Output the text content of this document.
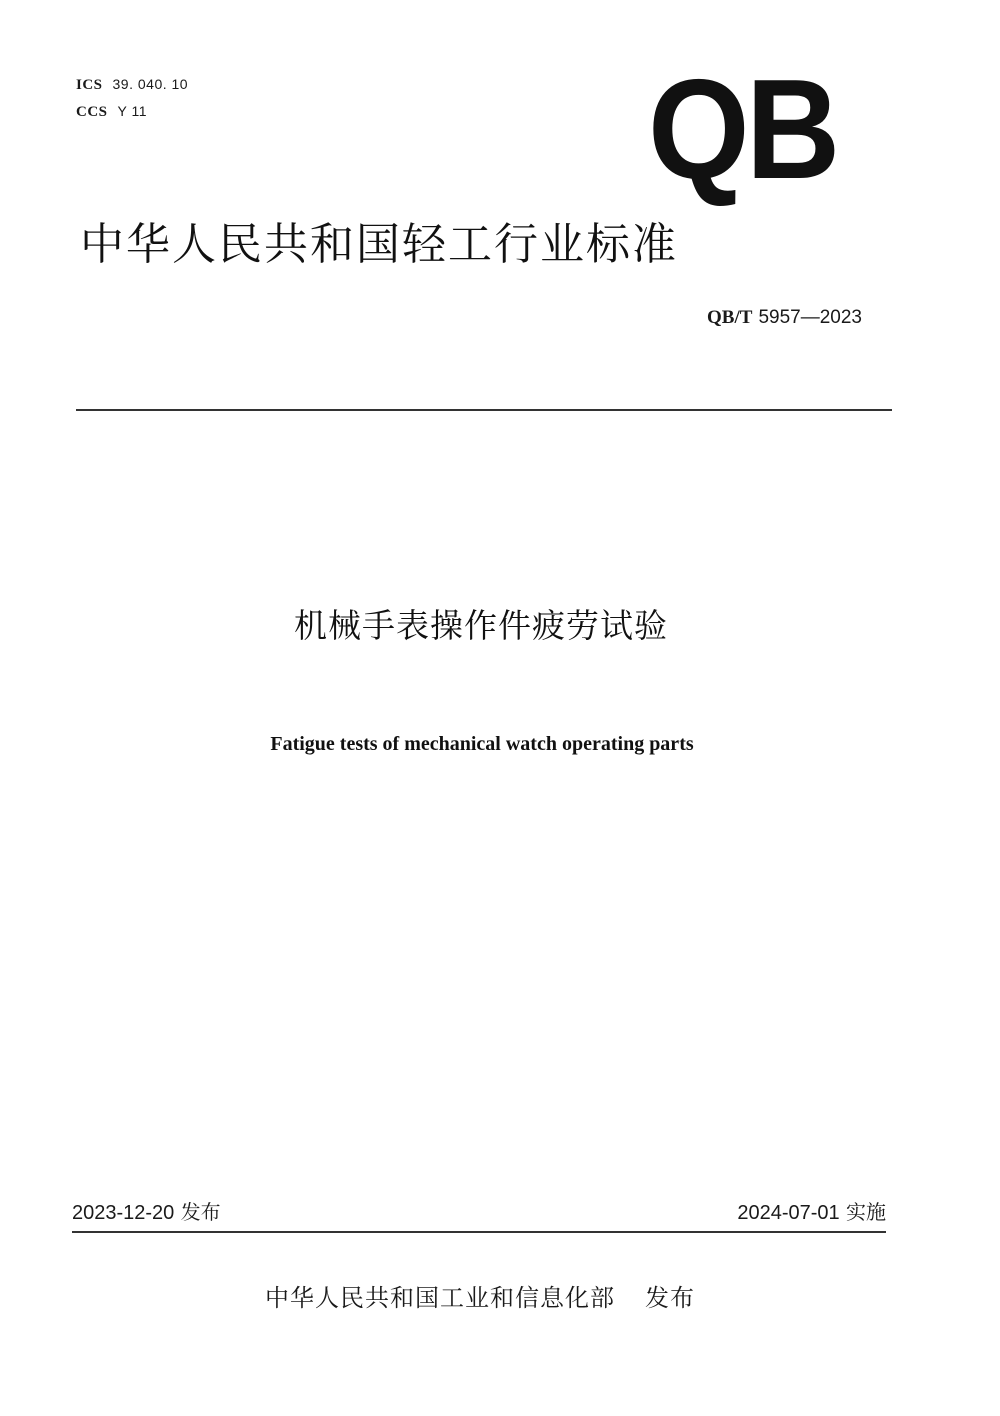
ICS 39. 040. 10
CCS Y 11	QB
中华人民共和国轻工行业标准
QB/T 5957—2023
机械手表操作件疲劳试验
Fatigue tests of mechanical watch operating parts
2023-12-20 发布	2024-07-01 实施
中华人民共和国工业和信息化部 发布
